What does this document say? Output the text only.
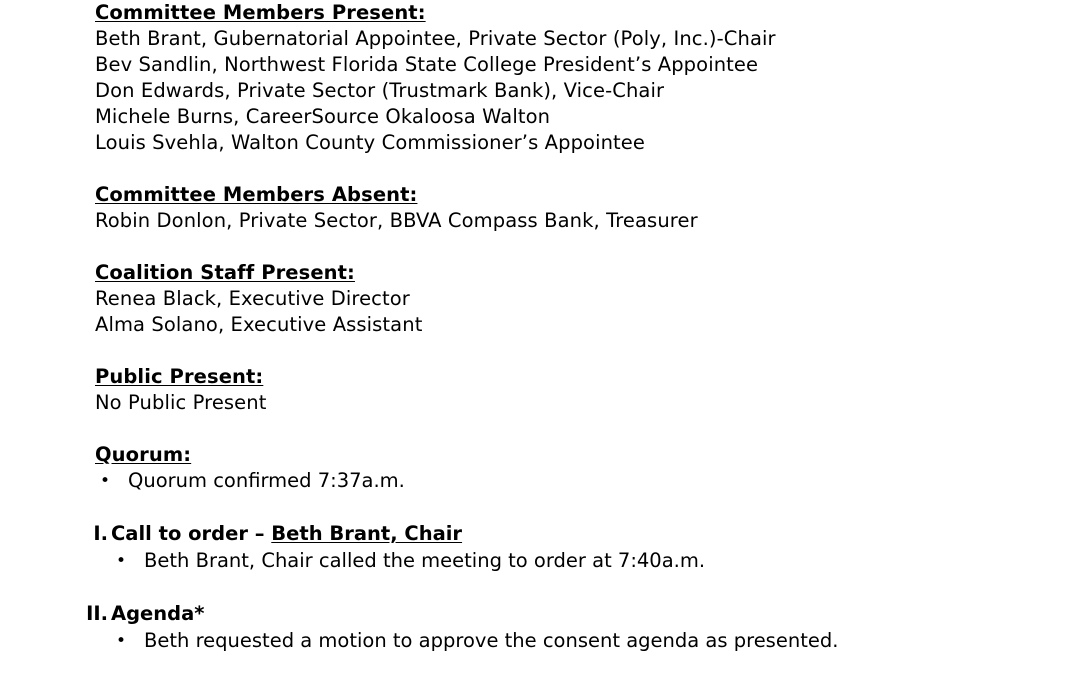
Committee Members Present:
Beth Brant, Gubernatorial Appointee, Private Sector (Poly, Inc.)-Chair
Bev Sandlin, Northwest Florida State College President’s Appointee
Don Edwards, Private Sector (Trustmark Bank), Vice-Chair
Michele Burns, CareerSource Okaloosa Walton
Louis Svehla, Walton County Commissioner’s Appointee
Committee Members Absent:
Robin Donlon, Private Sector, BBVA Compass Bank, Treasurer
Coalition Staff Present:
Renea Black, Executive Director
Alma Solano, Executive Assistant
Public Present:
No Public Present
Quorum:
• Quorum confirmed 7:37a.m.
I. Call to order – Beth Brant, Chair
• Beth Brant, Chair called the meeting to order at 7:40a.m.
II. Agenda*
• Beth requested a motion to approve the consent agenda as presented.
